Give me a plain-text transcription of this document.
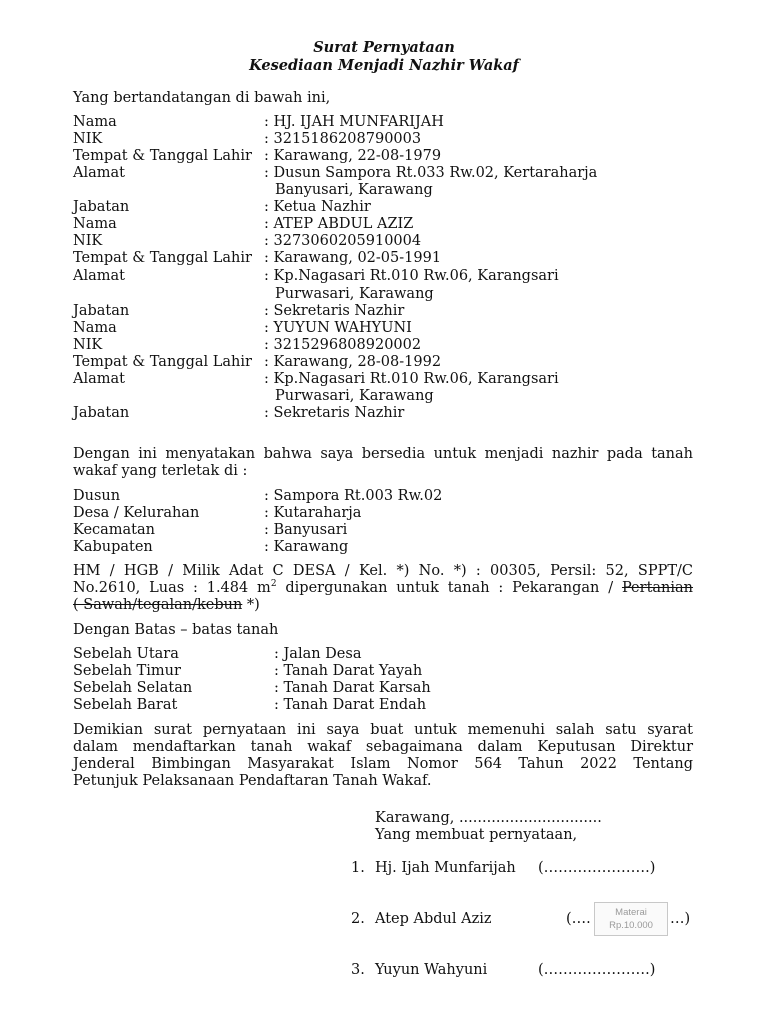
Surat Pernyataan
Kesediaan Menjadi Nazhir Wakaf
Yang bertandatangan di bawah ini,
Nama	: HJ. IJAH MUNFARIJAH
NIK	: 3215186208790003
Tempat & Tanggal Lahir : Karawang, 22-08-1979
Alamat	: Dusun Sampora Rt.033 Rw.02, Kertaraharja
Banyusari, Karawang
Jabatan	: Ketua Nazhir
Nama	: ATEP ABDUL AZIZ
NIK	: 3273060205910004
Tempat & Tanggal Lahir : Karawang, 02-05-1991
Alamat	: Kp.Nagasari Rt.010 Rw.06, Karangsari
Purwasari, Karawang
Jabatan	: Sekretaris Nazhir
Nama	: YUYUN WAHYUNI
NIK	: 3215296808920002
Tempat & Tanggal Lahir : Karawang, 28-08-1992
Alamat	: Kp.Nagasari Rt.010 Rw.06, Karangsari
Purwasari, Karawang
Jabatan	: Sekretaris Nazhir
Dengan ini menyatakan bahwa saya bersedia untuk menjadi nazhir pada tanah
wakaf yang terletak di :
Dusun	: Sampora Rt.003 Rw.02
Desa / Kelurahan	: Kutaraharja
Kecamatan	: Banyusari
Kabupaten	: Karawang
HM / HGB / Milik Adat C DESA / Kel. *) No. *) : 00305, Persil: 52, SPPT/C
No.2610, Luas : 1.484 $m^2$ dipergunakan untuk tanah : Pekarangan / Pertanian
( Sawah/tegalan/kebun *)
Dengan Batas – batas tanah
Sebelah Utara	: Jalan Desa
Sebelah Timur	: Tanah Darat Yayah
Sebelah Selatan	: Tanah Darat Karsah
Sebelah Barat	: Tanah Darat Endah
Demikian surat pernyataan ini saya buat untuk memenuhi salah satu syarat
dalam mendaftarkan tanah wakaf sebagaimana dalam Keputusan Direktur
Jenderal Bimbingan Masyarakat Islam Nomor 564 Tahun 2022 Tentang
Petunjuk Pelaksanaan Pendaftaran Tanah Wakaf.
Karawang, ...............................
Yang membuat pernyataan,
1. Hj. Ijah Munfarijah (………………….)
2. Atep Abdul Aziz	(….	…)
Materai
Rp.10.000
3. Yuyun Wahyuni	(………………….)
